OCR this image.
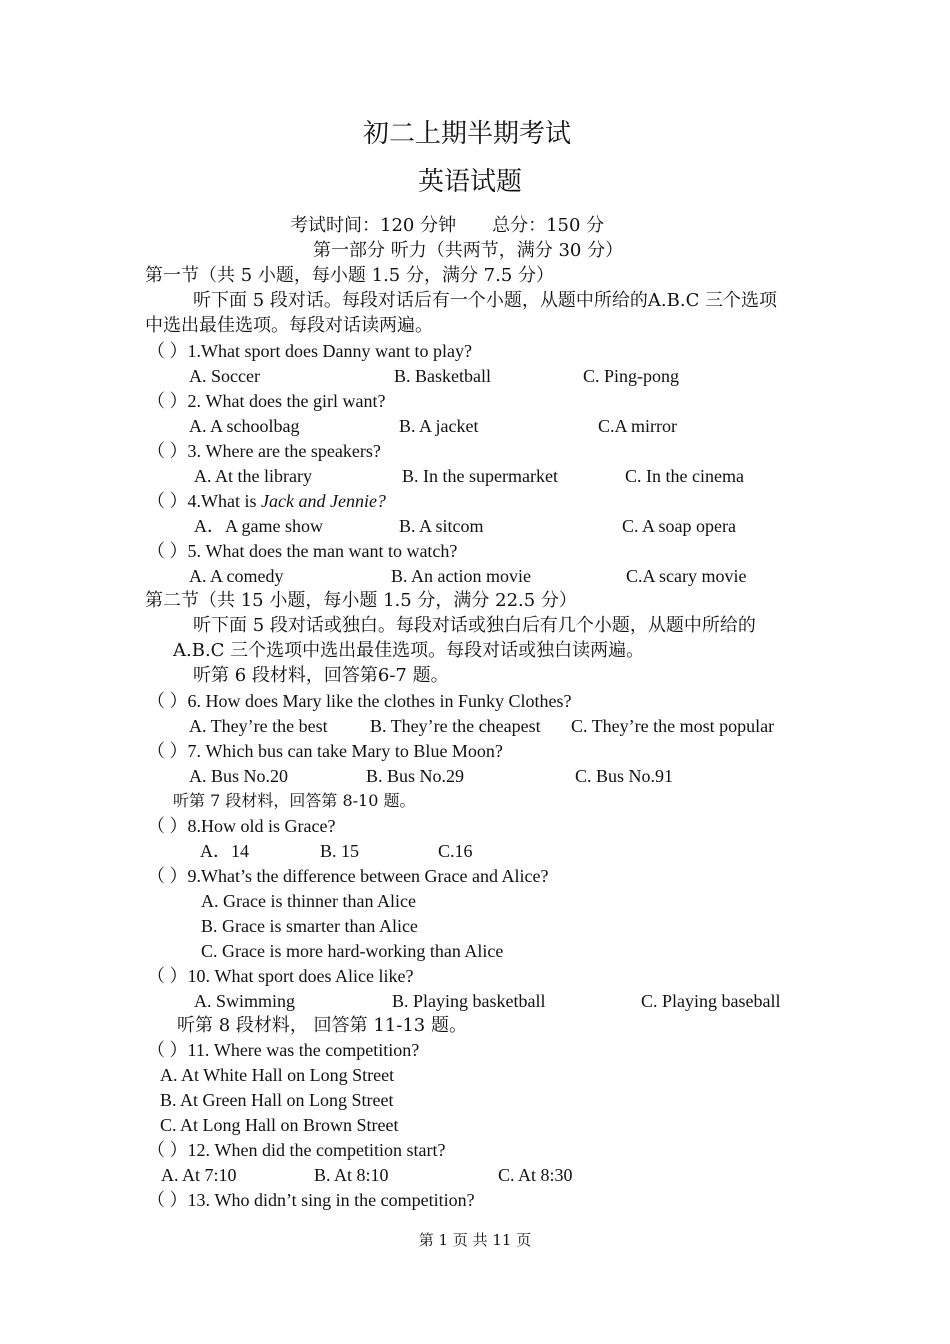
初二上期半期考试
英语试题
考试时间：120 分钟　　总分：150 分
第一部分 听力（共两节，满分 30 分）
第一节（共 5 小题，每小题 1.5 分，满分 7.5 分）
听下面 5 段对话。每段对话后有一个小题，从题中所给的A.B.C 三个选项
中选出最佳选项。每段对话读两遍。
（ ）1.What sport does Danny want to play?
A. Soccer	B. Basketball	C. Ping-pong
（ ）2. What does the girl want?
A. A schoolbag	B. A jacket	C.A mirror
（ ）3. Where are the speakers?
A. At the library	B. In the supermarket	C. In the cinema
（ ）4.What is Jack and Jennie?
A．A game show	B. A sitcom	C. A soap opera
（ ）5. What does the man want to watch?
A. A comedy	B. An action movie	C.A scary movie
第二节（共 15 小题，每小题 1.5 分，满分 22.5 分）
听下面 5 段对话或独白。每段对话或独白后有几个小题，从题中所给的
A.B.C 三个选项中选出最佳选项。每段对话或独白读两遍。
听第 6 段材料，回答第6-7 题。
（ ）6. How does Mary like the clothes in Funky Clothes?
A. They’re the best B. They’re the cheapest C. They’re the most popular
（ ）7. Which bus can take Mary to Blue Moon?
A. Bus No.20	B. Bus No.29	C. Bus No.91
听第 7 段材料，回答第 8-10 题。
（ ）8.How old is Grace?
A．14	B. 15	C.16
（ ）9.What’s the difference between Grace and Alice?
A. Grace is thinner than Alice
B. Grace is smarter than Alice
C. Grace is more hard-working than Alice
（ ）10. What sport does Alice like?
A. Swimming	B. Playing basketball	C. Playing baseball
听第 8 段材料， 回答第 11-13 题。
（ ）11. Where was the competition?
A. At White Hall on Long Street
B. At Green Hall on Long Street
C. At Long Hall on Brown Street
（ ）12. When did the competition start?
A. At 7:10	B. At 8:10	C. At 8:30
（ ）13. Who didn’t sing in the competition?
第 1 页 共 11 页
